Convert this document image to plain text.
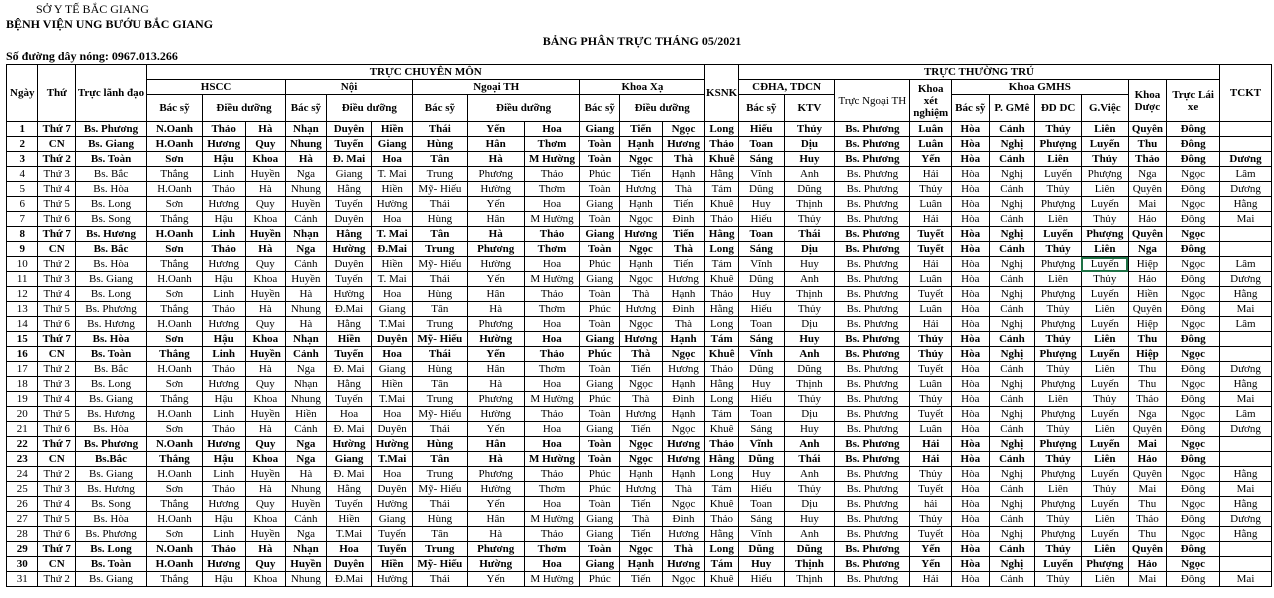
SỞ Y TẾ BẮC GIANG
BỆNH VIỆN UNG BƯỚU BẮC GIANG
BẢNG PHÂN TRỰC THÁNG 05/2021
Số đường dây nóng: 0967.013.266
Ngày	Thứ	Trực lãnh đạo	TRỰC CHUYÊN MÔN												KSNK	TRỰC THƯỜNG TRÚ										TCKT
			HSCC			Nội			Ngoại TH			Khoa Xạ				CĐHA, TDCN		Trực Ngoại TH	Khoa xét nghiệm	Khoa GMHS				Khoa Dược	Trực Lái xe	
			Bác sỹ	Điều dưỡng		Bác sỹ	Điều dưỡng		Bác sỹ	Điều dưỡng		Bác sỹ	Điều dưỡng			Bác sỹ	KTV			Bác sỹ	P. GMê	ĐD DC	G.Việc			
1	Thứ 7	Bs. Phương	N.Oanh	Thảo	Hà	Nhạn	Duyên	Hiền	Thái	Yến	Hoa	Giang	Tiến	Ngọc	Long	Hiếu	Thủy	Bs. Phương	Luân	Hòa	Cảnh	Thủy	Liên	Quyên	Đông	
2	CN	Bs. Giang	H.Oanh	Hương	Quy	Nhung	Tuyến	Giang	Hùng	Hân	Thơm	Toàn	Hạnh	Hương	Thảo	Toan	Dịu	Bs. Phương	Luân	Hòa	Nghị	Phượng	Luyến	Thu	Đông	
3	Thứ 2	Bs. Toàn	Sơn	Hậu	Khoa	Hà	Đ. Mai	Hoa	Tân	Hà	M Hường	Toàn	Ngọc	Thà	Khuê	Sáng	Huy	Bs. Phương	Yến	Hòa	Cảnh	Liên	Thủy	Thảo	Đông	Dương
4	Thứ 3	Bs. Bắc	Thắng	Linh	Huyền	Nga	Giang	T. Mai	Trung	Phương	Thảo	Phúc	Tiến	Hạnh	Hằng	Vĩnh	Anh	Bs. Phương	Hải	Hòa	Nghị	Luyến	Phượng	Nga	Ngọc	Lâm
5	Thứ 4	Bs. Hòa	H.Oanh	Thảo	Hà	Nhung	Hằng	Hiền	Mỹ- Hiếu	Hường	Thơm	Toàn	Hương	Thà	Tám	Dũng	Dũng	Bs. Phương	Thủy	Hòa	Cảnh	Thủy	Liên	Quyên	Đông	Dương
6	Thứ 5	Bs. Long	Sơn	Hương	Quy	Huyền	Tuyến	Hường	Thái	Yến	Hoa	Giang	Hạnh	Tiến	Khuê	Huy	Thịnh	Bs. Phương	Luân	Hòa	Nghị	Phượng	Luyến	Mai	Ngọc	Hằng
7	Thứ 6	Bs. Song	Thắng	Hậu	Khoa	Cảnh	Duyên	Hoa	Hùng	Hân	M Hường	Toàn	Ngọc	Đinh	Thảo	Hiếu	Thủy	Bs. Phương	Hải	Hòa	Cảnh	Liên	Thủy	Hảo	Đông	Mai
8	Thứ 7	Bs. Hương	H.Oanh	Linh	Huyền	Nhạn	Hằng	T. Mai	Tân	Hà	Thảo	Giang	Hương	Tiến	Hằng	Toan	Thái	Bs. Phương	Tuyết	Hòa	Nghị	Luyến	Phượng	Quyên	Ngọc	
9	CN	Bs. Bắc	Sơn	Thảo	Hà	Nga	Hường	Đ.Mai	Trung	Phương	Thơm	Toàn	Ngọc	Thà	Long	Sáng	Dịu	Bs. Phương	Tuyết	Hòa	Cảnh	Thủy	Liên	Nga	Đông	
10	Thứ 2	Bs. Hòa	Thắng	Hương	Quy	Cảnh	Duyên	Hiền	Mỹ- Hiếu	Hường	Hoa	Phúc	Hạnh	Tiến	Tám	Vĩnh	Huy	Bs. Phương	Hải	Hòa	Nghị	Phượng	Luyến	Hiệp	Ngọc	Lâm
11	Thứ 3	Bs. Giang	H.Oanh	Hậu	Khoa	Huyền	Tuyến	T. Mai	Thái	Yến	M Hường	Giang	Ngọc	Hương	Khuê	Dũng	Anh	Bs. Phương	Luân	Hòa	Cảnh	Liên	Thủy	Hảo	Đông	Dương
12	Thứ 4	Bs. Long	Sơn	Linh	Huyền	Hà	Hường	Hoa	Hùng	Hân	Thảo	Toàn	Thà	Hạnh	Thảo	Huy	Thịnh	Bs. Phương	Tuyết	Hòa	Nghị	Phượng	Luyến	Hiền	Ngọc	Hằng
13	Thứ 5	Bs. Phương	Thắng	Thảo	Hà	Nhung	Đ.Mai	Giang	Tân	Hà	Thơm	Phúc	Hương	Đinh	Hằng	Hiếu	Thủy	Bs. Phương	Luân	Hòa	Cảnh	Thủy	Liên	Quyên	Đông	Mai
14	Thứ 6	Bs. Hương	H.Oanh	Hương	Quy	Hà	Hằng	T.Mai	Trung	Phương	Hoa	Toàn	Ngọc	Thà	Long	Toan	Dịu	Bs. Phương	Hải	Hòa	Nghị	Phượng	Luyến	Hiệp	Ngọc	Lâm
15	Thứ 7	Bs. Hòa	Sơn	Hậu	Khoa	Nhạn	Hiền	Duyên	Mỹ- Hiếu	Hường	Hoa	Giang	Hương	Hạnh	Tám	Sáng	Huy	Bs. Phương	Thủy	Hòa	Cảnh	Thủy	Liên	Thu	Đông	
16	CN	Bs. Toàn	Thắng	Linh	Huyền	Cảnh	Tuyến	Hoa	Thái	Yến	Thảo	Phúc	Thà	Ngọc	Khuê	Vĩnh	Anh	Bs. Phương	Thủy	Hòa	Nghị	Phượng	Luyến	Hiệp	Ngọc	
17	Thứ 2	Bs. Bắc	H.Oanh	Thảo	Hà	Nga	Đ. Mai	Giang	Hùng	Hân	Thơm	Toàn	Tiến	Hương	Thảo	Dũng	Dũng	Bs. Phương	Tuyết	Hòa	Cảnh	Thủy	Liên	Thu	Đông	Dương
18	Thứ 3	Bs. Long	Sơn	Hương	Quy	Nhạn	Hằng	Hiền	Tân	Hà	Hoa	Giang	Ngọc	Hạnh	Hằng	Huy	Thịnh	Bs. Phương	Luân	Hòa	Nghị	Phượng	Luyến	Thu	Ngọc	Hằng
19	Thứ 4	Bs. Giang	Thắng	Hậu	Khoa	Nhung	Tuyến	T.Mai	Trung	Phương	M Hường	Phúc	Thà	Đinh	Long	Hiếu	Thủy	Bs. Phương	Thủy	Hòa	Cảnh	Liên	Thủy	Thảo	Đông	Mai
20	Thứ 5	Bs. Hương	H.Oanh	Linh	Huyền	Hiền	Hoa	Hoa	Mỹ- Hiếu	Hường	Thảo	Toàn	Hương	Hạnh	Tám	Toan	Dịu	Bs. Phương	Tuyết	Hòa	Nghị	Phượng	Luyến	Nga	Ngọc	Lâm
21	Thứ 6	Bs. Hòa	Sơn	Thảo	Hà	Cảnh	Đ. Mai	Duyên	Thái	Yến	Hoa	Giang	Tiến	Ngọc	Khuê	Sáng	Huy	Bs. Phương	Luân	Hòa	Cảnh	Thủy	Liên	Quyên	Đông	Dương
22	Thứ 7	Bs. Phương	N.Oanh	Hương	Quy	Nga	Hường	Hường	Hùng	Hân	Hoa	Toàn	Ngọc	Hương	Thảo	Vĩnh	Anh	Bs. Phương	Hải	Hòa	Nghị	Phượng	Luyến	Mai	Ngọc	
23	CN	Bs.Bắc	Thắng	Hậu	Khoa	Nga	Giang	T.Mai	Tân	Hà	M Hường	Toàn	Ngọc	Hương	Hằng	Dũng	Thái	Bs. Phương	Hải	Hòa	Cảnh	Thủy	Liên	Hảo	Đông	
24	Thứ 2	Bs. Giang	H.Oanh	Linh	Huyền	Hà	Đ. Mai	Hoa	Trung	Phương	Thảo	Phúc	Hạnh	Hạnh	Long	Huy	Anh	Bs. Phương	Thủy	Hòa	Nghị	Phượng	Luyến	Quyên	Ngọc	Hằng
25	Thứ 3	Bs. Hương	Sơn	Thảo	Hà	Nhung	Hằng	Duyên	Mỹ- Hiếu	Hường	Thơm	Phúc	Hương	Thà	Tám	Hiếu	Thủy	Bs. Phương	Tuyết	Hòa	Cảnh	Liên	Thủy	Mai	Đông	Mai
26	Thứ 4	Bs. Song	Thắng	Hương	Quy	Huyền	Tuyến	Hường	Thái	Yến	Hoa	Toàn	Tiến	Ngọc	Khuê	Toan	Dịu	Bs. Phương	hải	Hòa	Nghị	Phượng	Luyến	Thu	Ngọc	Hằng
27	Thứ 5	Bs. Hòa	H.Oanh	Hậu	Khoa	Cảnh	Hiền	Giang	Hùng	Hân	M Hường	Giang	Thà	Đinh	Thảo	Sáng	Huy	Bs. Phương	Thủy	Hòa	Cảnh	Thủy	Liên	Thảo	Đông	Dương
28	Thứ 6	Bs. Phương	Sơn	Linh	Huyền	Nga	T.Mai	Tuyến	Tân	Hà	Thảo	Giang	Tiến	Hương	Hằng	Vĩnh	Anh	Bs. Phương	Tuyết	Hòa	Nghị	Phượng	Luyến	Thu	Ngọc	Hằng
29	Thứ 7	Bs. Long	N.Oanh	Thảo	Hà	Nhạn	Hoa	Tuyến	Trung	Phương	Thơm	Toàn	Ngọc	Thà	Long	Dũng	Dũng	Bs. Phương	Yến	Hòa	Cảnh	Thủy	Liên	Quyên	Đông	
30	CN	Bs. Toàn	H.Oanh	Hương	Quy	Huyền	Duyên	Hiền	Mỹ- Hiếu	Hường	Hoa	Giang	Hạnh	Hương	Tám	Huy	Thịnh	Bs. Phương	Yến	Hòa	Nghị	Luyến	Phượng	Hảo	Ngọc	
31	Thứ 2	Bs. Giang	Thắng	Hậu	Khoa	Nhung	Đ.Mai	Hường	Thái	Yến	M Hường	Phúc	Tiến	Ngọc	Khuê	Hiếu	Thịnh	Bs. Phương	Hải	Hòa	Cảnh	Thủy	Liên	Mai	Đông	Mai
